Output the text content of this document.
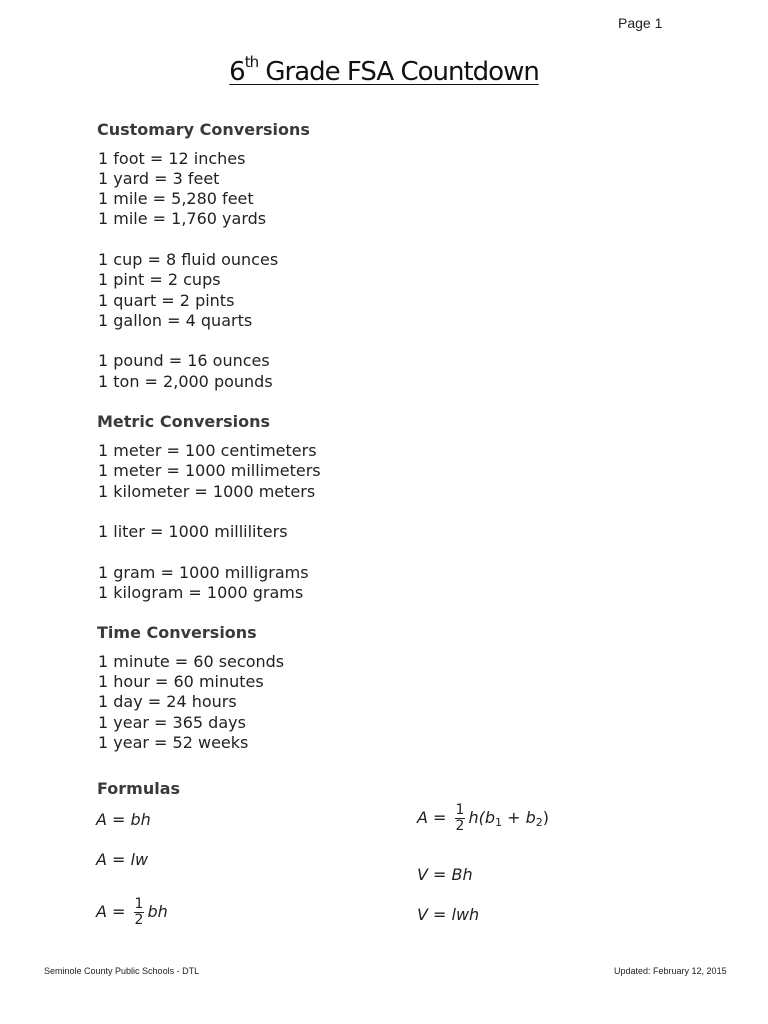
Page 1
6th Grade FSA Countdown
Customary Conversions
1 foot = 12 inches
1 yard = 3 feet
1 mile = 5,280 feet
1 mile = 1,760 yards
1 cup = 8 fluid ounces
1 pint = 2 cups
1 quart = 2 pints
1 gallon = 4 quarts
1 pound = 16 ounces
1 ton = 2,000 pounds
Metric Conversions
1 meter = 100 centimeters
1 meter = 1000 millimeters
1 kilometer = 1000 meters
1 liter = 1000 milliliters
1 gram = 1000 milligrams
1 kilogram = 1000 grams
Time Conversions
1 minute = 60 seconds
1 hour = 60 minutes
1 day = 24 hours
1 year = 365 days
1 year = 52 weeks
Formulas
A = bh
A = lw
$A = \frac{1}{2}$ bh
$A = \frac{1}{2} h(b_1 + b_2)$
V = Bh
V = lwh
Seminole County Public Schools - DTL	Updated: February 12, 2015
